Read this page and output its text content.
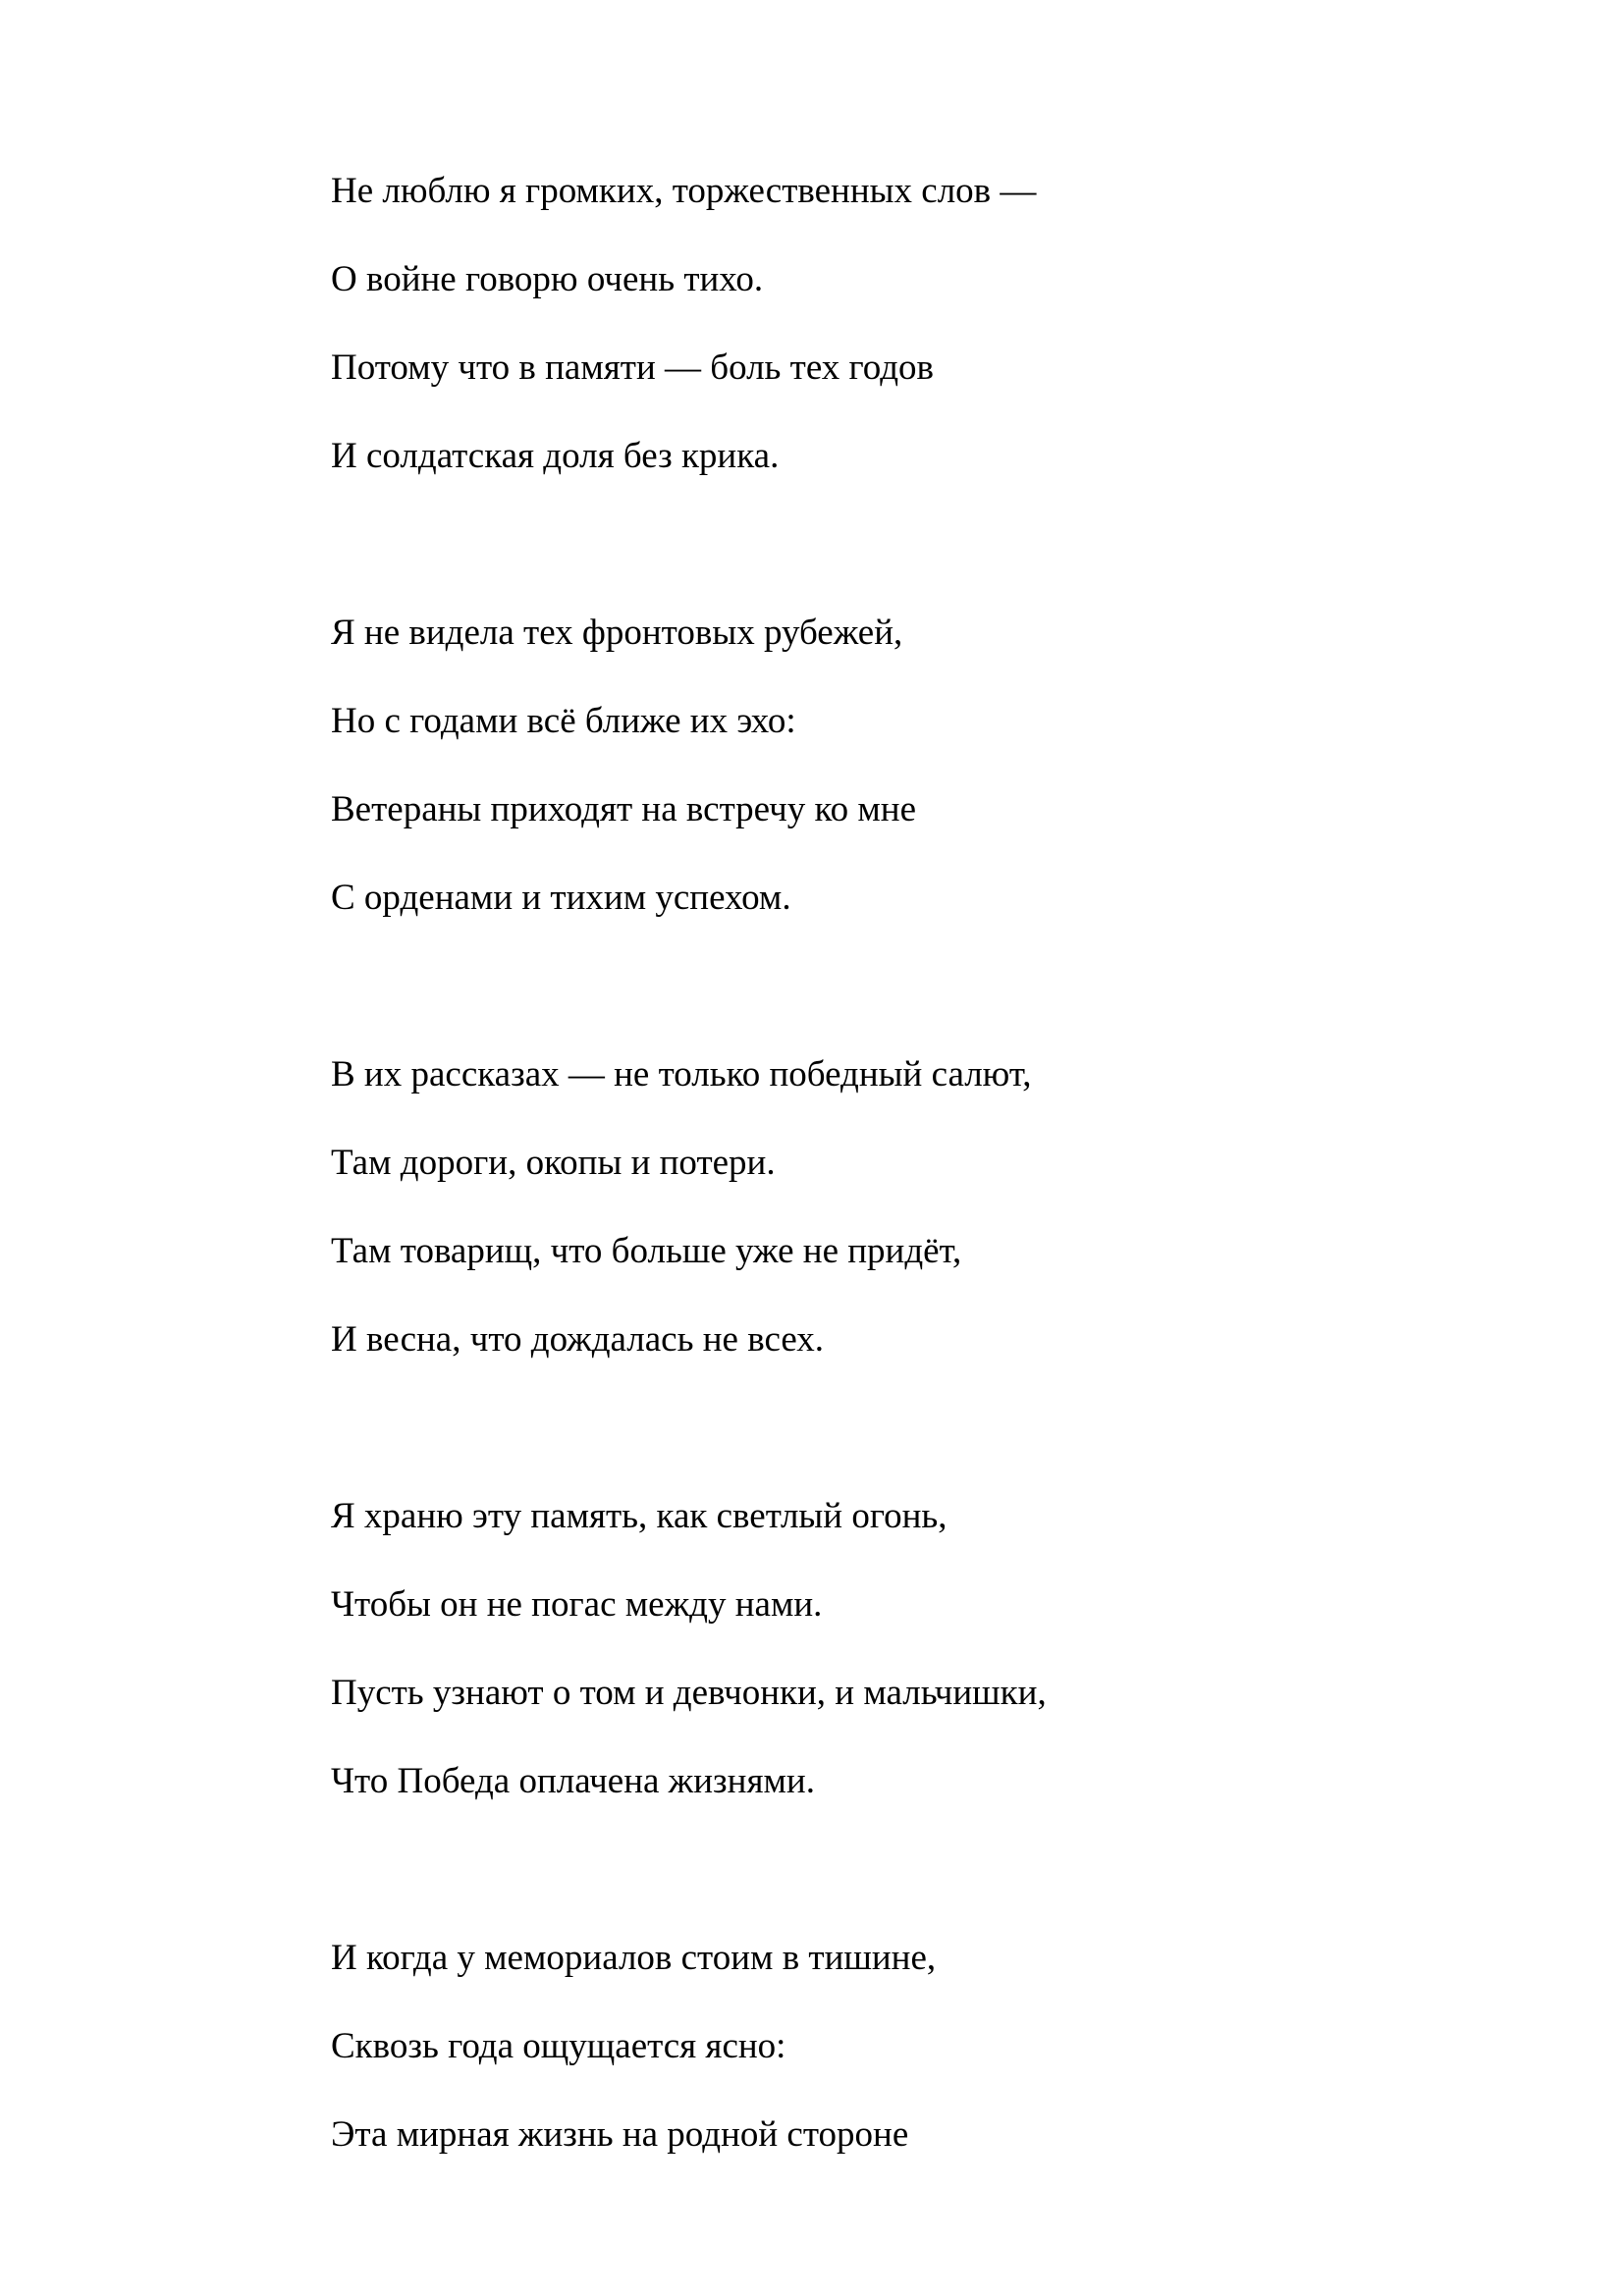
Не люблю я громких, торжественных слов —
О войне говорю очень тихо.
Потому что в памяти — боль тех годов
И солдатская доля без крика.
Я не видела тех фронтовых рубежей,
Но с годами всё ближе их эхо:
Ветераны приходят на встречу ко мне
С орденами и тихим успехом.
В их рассказах — не только победный салют,
Там дороги, окопы и потери.
Там товарищ, что больше уже не придёт,
И весна, что дождалась не всех.
Я храню эту память, как светлый огонь,
Чтобы он не погас между нами.
Пусть узнают о том и девчонки, и мальчишки,
Что Победа оплачена жизнями.
И когда у мемориалов стоим в тишине,
Сквозь года ощущается ясно:
Эта мирная жизнь на родной стороне
